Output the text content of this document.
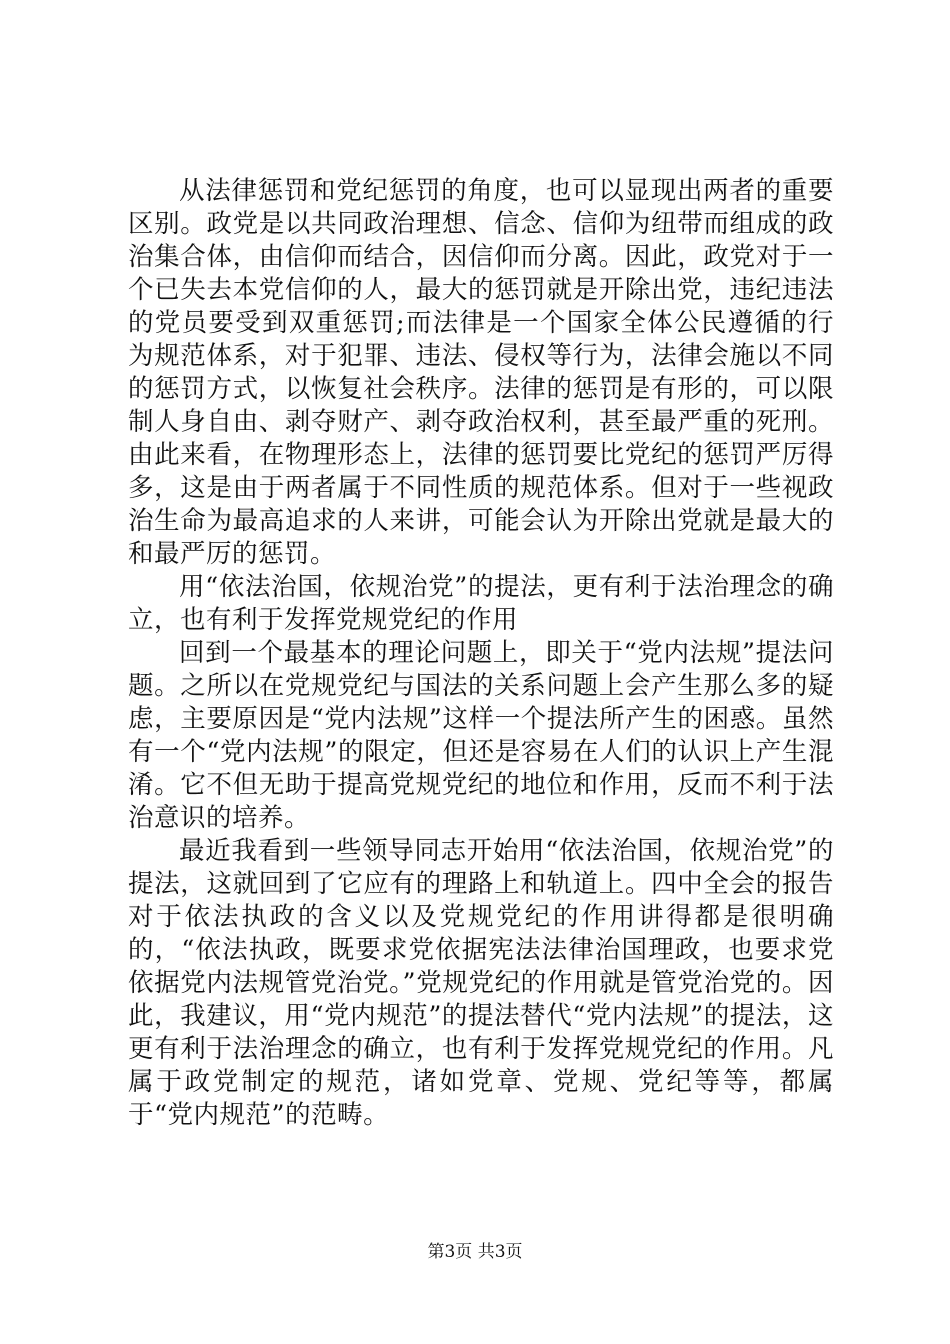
从法律惩罚和党纪惩罚的角度，也可以显现出两者的重要区别。政党是以共同政治理想、信念、信仰为纽带而组成的政治集合体，由信仰而结合，因信仰而分离。因此，政党对于一个已失去本党信仰的人，最大的惩罚就是开除出党，违纪违法的党员要受到双重惩罚;而法律是一个国家全体公民遵循的行为规范体系，对于犯罪、违法、侵权等行为，法律会施以不同的惩罚方式，以恢复社会秩序。法律的惩罚是有形的，可以限制人身自由、剥夺财产、剥夺政治权利，甚至最严重的死刑。由此来看，在物理形态上，法律的惩罚要比党纪的惩罚严厉得多，这是由于两者属于不同性质的规范体系。但对于一些视政治生命为最高追求的人来讲，可能会认为开除出党就是最大的和最严厉的惩罚。

用“依法治国，依规治党”的提法，更有利于法治理念的确立，也有利于发挥党规党纪的作用

回到一个最基本的理论问题上，即关于“党内法规”提法问题。之所以在党规党纪与国法的关系问题上会产生那么多的疑虑，主要原因是“党内法规”这样一个提法所产生的困惑。虽然有一个“党内法规”的限定，但还是容易在人们的认识上产生混淆。它不但无助于提高党规党纪的地位和作用，反而不利于法治意识的培养。

最近我看到一些领导同志开始用“依法治国，依规治党”的提法，这就回到了它应有的理路上和轨道上。四中全会的报告对于依法执政的含义以及党规党纪的作用讲得都是很明确的，“依法执政，既要求党依据宪法法律治国理政，也要求党依据党内法规管党治党。”党规党纪的作用就是管党治党的。因此，我建议，用“党内规范”的提法替代“党内法规”的提法，这更有利于法治理念的确立，也有利于发挥党规党纪的作用。凡属于政党制定的规范，诸如党章、党规、党纪等等，都属于“党内规范”的范畴。

第3页 共3页
